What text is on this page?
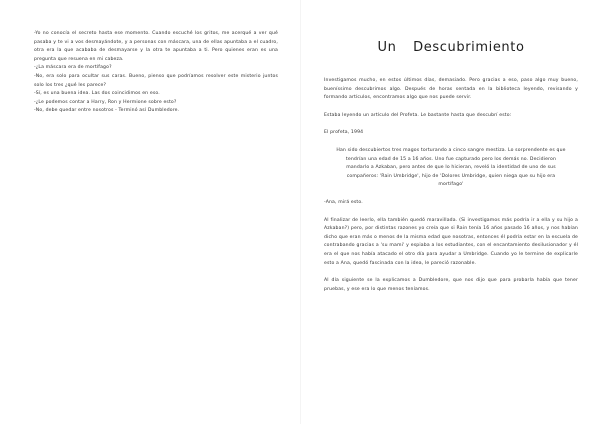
-Yo no conocía el secreto hasta ese momento. Cuando escuché los gritos, me acerqué a ver qué pasaba y te vi a vos desmayándote, y a personas con máscara, una de ellas apuntaba a el cuadro, otra era la que acababa de desmayarse y la otra te apuntaba a ti. Pero quienes eran es una pregunta que resuena en mi cabeza.

-¿La máscara era de mortífago?

-No, era solo para ocultar sus caras. Bueno, pienso que podríamos resolver este misterio juntos solo los tres ¿qué les parece?

-Sí, es una buena idea. Las dos coincidimos en eso.

-¿Le podemos contar a Harry, Ron y Hermione sobre esto?

-No, debe quedar entre nosotros - Terminó así Dumbledore.

Un Descubrimiento

Investigamos mucho, en estos últimos días, demasiado. Pero gracias a eso, paso algo muy bueno, bueníssimo descubrimos algo. Después de horas sentada en la biblioteca leyendo, revisando y formando artículos, encontramos algo que nos puede servir.

Estaba leyendo un artículo del Profeta. Le bastante hasta que descubrí esto:

El profeta, 1994

Han sido descubiertos tres magos torturando a cinco sangre mestiza. Lo sorprendente es que tendrían una edad de 15 a 16 años. Uno fue capturado pero los demás no. Decidieron mandarlo a Azkaban, pero antes de que lo hicieran, reveló la identidad de uno de sus compañeros: 'Rain Umbridge', hijo de 'Dolores Umbridge, quien niega que su hijo era mortífago'

-Ana, mirá esto.

Al finalizar de leerlo, ella también quedó maravillada. (Si investigamos más podría ir a ella y su hijo a Azkaban?) pero, por distintas razones yo creía que si Rain tenía 16 años pasado 16 años, y nos habían dicho que eran más o menos de la misma edad que nosotras, entonces él podría estar en la escuela de contrabando gracias a 'su mami' y espiaba a los estudiantes, con el encantamiento desilusionador y él era el que nos había atacado el otro día para ayudar a Umbridge. Cuando yo le termine de explicarle esto a Ana, quedó fascinada con la idea, le pareció razonable.

Al día siguiente se la explicamos a Dumbledore, que nos dijo que para probarla había que tener pruebas, y ese era lo que menos teníamos.
